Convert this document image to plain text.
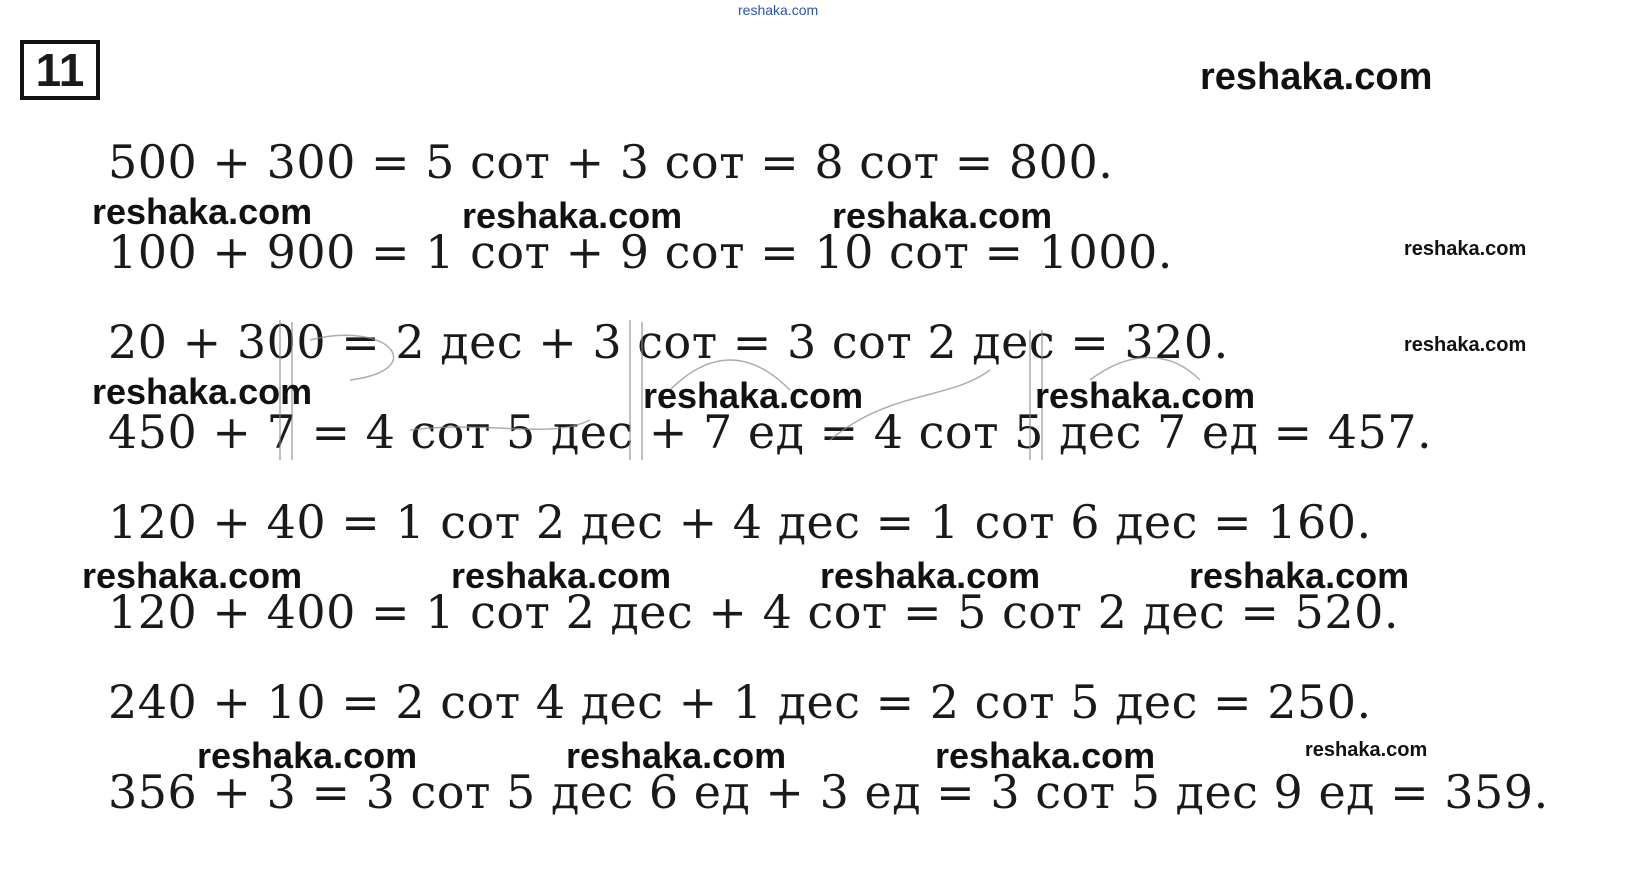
11
500 + 300 = 5 сот + 3 сот = 8 сот = 800.
100 + 900 = 1 сот + 9 сот = 10 сот = 1000.
20 + 300 = 2 дес + 3 сот = 3 сот 2 дес = 320.
450 + 7 = 4 сот 5 дес + 7 ед = 4 сот 5 дес 7 ед = 457.
120 + 40 = 1 сот 2 дес + 4 дес = 1 сот 6 дес = 160.
120 + 400 = 1 сот 2 дес + 4 сот = 5 сот 2 дес = 520.
240 + 10 = 2 сот 4 дес + 1 дес = 2 сот 5 дес = 250.
356 + 3 = 3 сот 5 дес 6 ед + 3 ед = 3 сот 5 дес 9 ед = 359.
reshaka.com
reshaka.com
reshaka.com	reshaka.com	reshaka.com
reshaka.com
reshaka.com
reshaka.com	reshaka.com	reshaka.com
reshaka.com	reshaka.com	reshaka.com	reshaka.com
reshaka.com	reshaka.com	reshaka.com	reshaka.com
